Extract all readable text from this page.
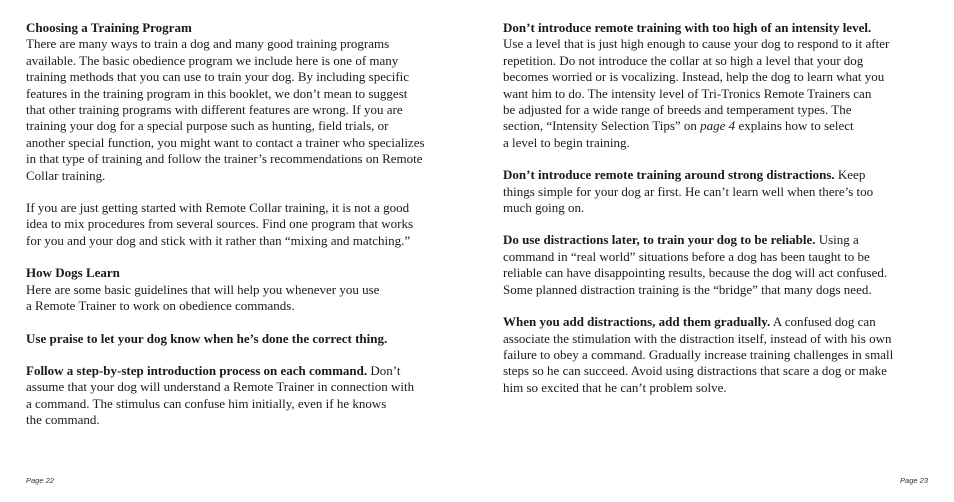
Choosing a Training Program

There are many ways to train a dog and many good training programs
available. The basic obedience program we include here is one of many
training methods that you can use to train your dog. By including specific
features in the training program in this booklet, we don’t mean to suggest
that other training programs with different features are wrong. If you are
training your dog for a special purpose such as hunting, field trials, or
another special function, you might want to contact a trainer who specializes
in that type of training and follow the trainer’s recommendations on Remote
Collar training.

If you are just getting started with Remote Collar training, it is not a good
idea to mix procedures from several sources. Find one program that works
for you and your dog and stick with it rather than “mixing and matching.”

How Dogs Learn

Here are some basic guidelines that will help you whenever you use
a Remote Trainer to work on obedience commands.

Use praise to let your dog know when he’s done the correct thing.

Follow a step-by-step introduction process on each command. Don’t
assume that your dog will understand a Remote Trainer in connection with
a command. The stimulus can confuse him initially, even if he knows
the command.

Don’t introduce remote training with too high of an intensity level.
Use a level that is just high enough to cause your dog to respond to it after
repetition. Do not introduce the collar at so high a level that your dog
becomes worried or is vocalizing. Instead, help the dog to learn what you
want him to do. The intensity level of Tri-Tronics Remote Trainers can
be adjusted for a wide range of breeds and temperament types. The
section, “Intensity Selection Tips” on page 4 explains how to select
a level to begin training.

Don’t introduce remote training around strong distractions. Keep
things simple for your dog ar first. He can’t learn well when there’s too
much going on.

Do use distractions later, to train your dog to be reliable. Using a
command in “real world” situations before a dog has been taught to be
reliable can have disappointing results, because the dog will act confused.
Some planned distraction training is the “bridge” that many dogs need.

When you add distractions, add them gradually. A confused dog can
associate the stimulation with the distraction itself, instead of with his own
failure to obey a command. Gradually increase training challenges in small
steps so he can succeed. Avoid using distractions that scare a dog or make
him so excited that he can’t problem solve.

Page 22	Page 23
